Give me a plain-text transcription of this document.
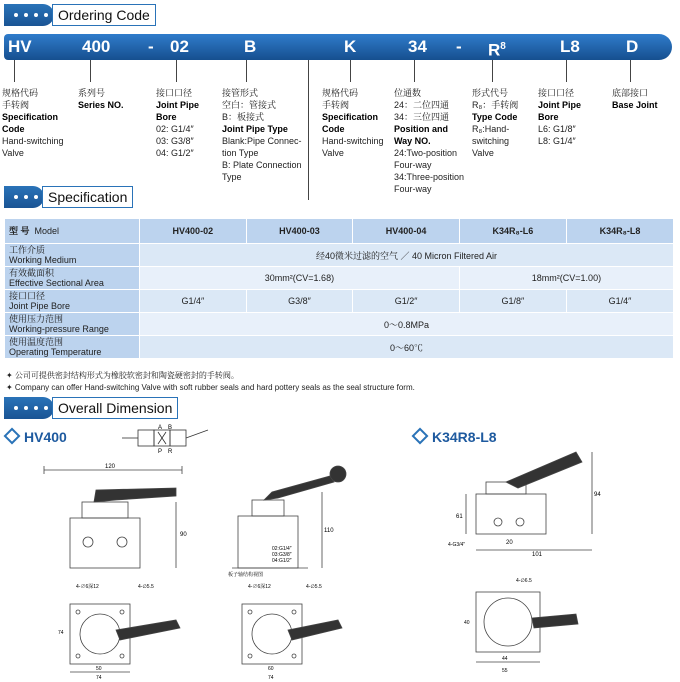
Ordering Code
HV	400 - 02	B	K	$34 - R^8$	L8	D
规格代码
手转阀
Specification Code
Hand-switching
Valve
系列号
Series NO.
接口口径
Joint Pipe
Bore
02: G1/4″
03: G3/8″
04: G1/2″
接管形式
空白：管接式
B：板接式
Joint Pipe Type
Blank:Pipe Connec-
tion Type
B: Plate Connection
Type
规格代码
手转阀
Specification Code
Hand-switching
Valve
位通数
24：二位四通
34：三位四通
Position and
Way NO.
24:Two-position
Four-way
34:Three-position
Four-way
形式代号
R₈：手转阀
Type Code
R₈:Hand-
switching
Valve
接口口径
Joint Pipe
Bore
L6: G1/8″
L8: G1/4″
底部接口
Base Joint
Specification
型 号 Model	HV400-02	HV400-03	HV400-04	K34R₈-L6	K34R₈-L8

工作介质
Working Medium	经40微米过滤的空气 ／ 40 Micron Filtered Air				

有效截面积
Effective Sectional Area	30mm²(CV=1.68)			18mm²(CV=1.00)	

接口口径
Joint Pipe Bore	G1/4″	G3/8″	G1/2″	G1/8″	G1/4″

使用压力范围
Working-pressure Range	0～0.8MPa				

使用温度范围
Operating Temperature	0～60℃				
✦ 公司可提供密封结构形式为橡胶软密封和陶瓷硬密封的手转阀。
✦ Company can offer Hand-switching Valve with soft rubber seals and hard pottery seals as the seal structure form.
Overall Dimension
HV400	K34R8-L8
A B
P R
120
90
110
02:G1/4″
03:G3/8″
04:G1/2″
板子轴结构视图
4-∅6深12	4-∅5.5
74
50
74
4-∅6深12	4-∅5.5
60
74
61
94
20
101
4-G3/4″
4-∅6.5
40
44
55
